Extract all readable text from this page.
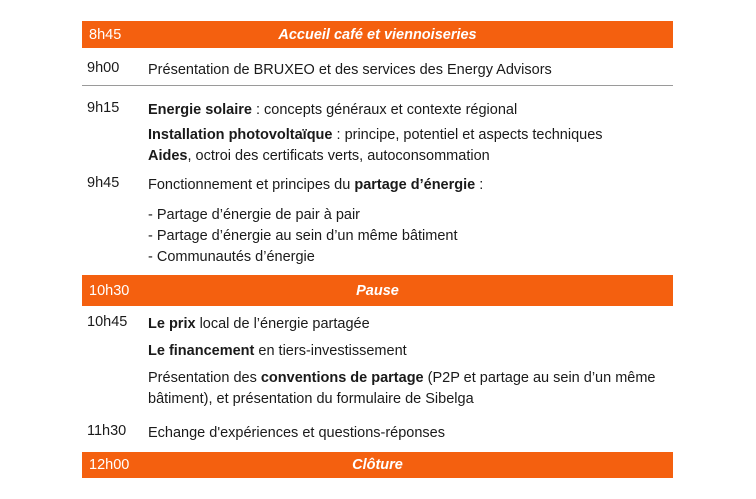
8h45	Accueil café et viennoiseries
9h00 Présentation de BRUXEO et des services des Energy Advisors
9h15 Energie solaire : concepts généraux et contexte régional
Installation photovoltaïque : principe, potentiel et aspects techniques
Aides, octroi des certificats verts, autoconsommation
9h45 Fonctionnement et principes du partage d’énergie :
- Partage d’énergie de pair à pair
- Partage d’énergie au sein d’un même bâtiment
- Communautés d’énergie
10h30	Pause
10h45 Le prix local de l’énergie partagée
Le financement en tiers-investissement
Présentation des conventions de partage (P2P et partage au sein d’un même
bâtiment), et présentation du formulaire de Sibelga
11h30 Echange d'expériences et questions-réponses
12h00	Clôture
